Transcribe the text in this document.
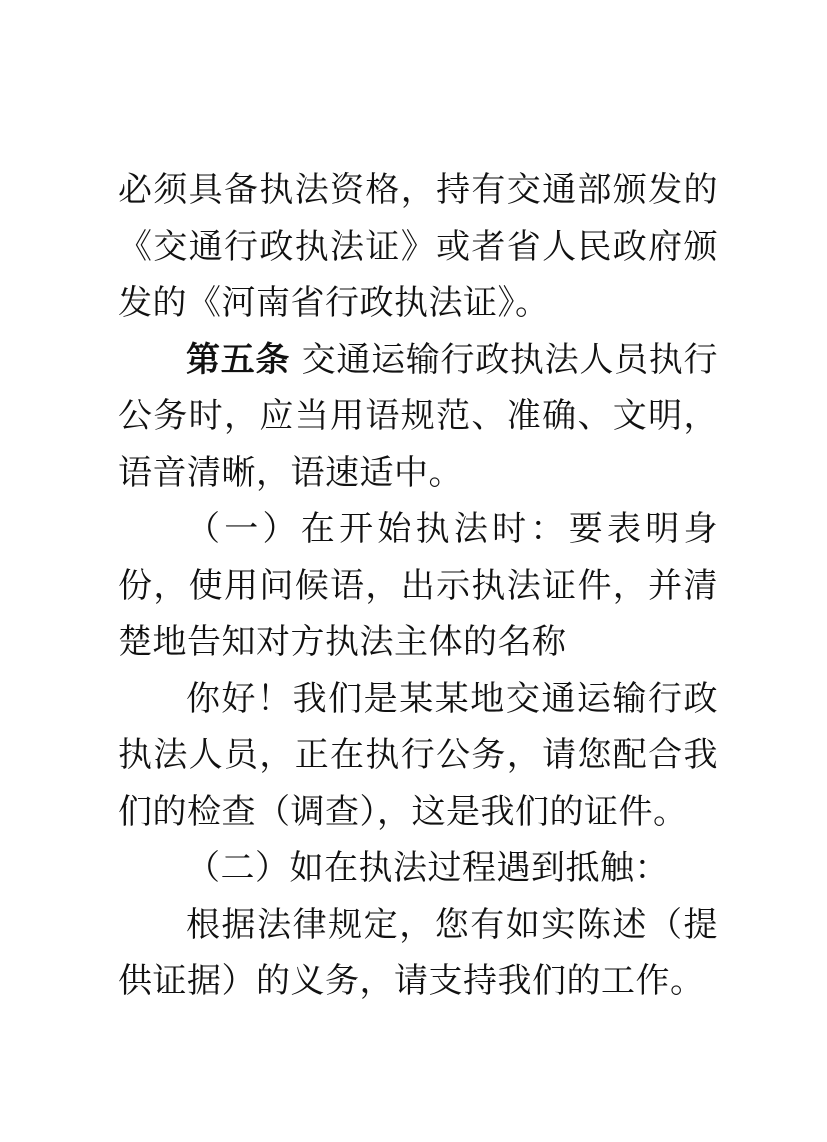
必须具备执法资格，持有交通部颁发的《交通行政执法证》或者省人民政府颁发的《河南省行政执法证》。

第五条 交通运输行政执法人员执行公务时，应当用语规范、准确、文明，语音清晰，语速适中。

（一）在开始执法时：要表明身份，使用问候语，出示执法证件，并清楚地告知对方执法主体的名称

你好！我们是某某地交通运输行政执法人员，正在执行公务，请您配合我们的检查（调查），这是我们的证件。

（二）如在执法过程遇到抵触：

根据法律规定，您有如实陈述（提供证据）的义务，请支持我们的工作。
